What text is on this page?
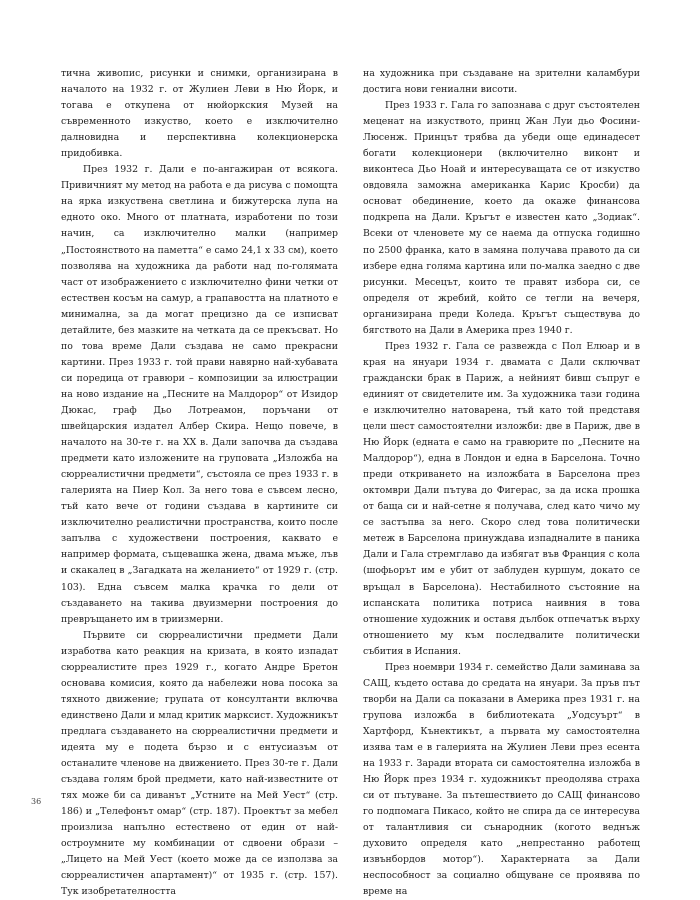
тична живопис, рисунки и снимки, организирана в началото на 1932 г. от Жулиен Леви в Ню Йорк, и тогава е откупена от нюйоркския Музей на съвременното изкуство, което е изключително далновидна и перспективна колекционерска придобивка.

През 1932 г. Дали е по-ангажиран от всякога. Привичният му метод на работа е да рисува с помощта на ярка изкуствена светлина и бижутерска лупа на едното око. Много от платната, изработени по този начин, са изключително малки (например „Постоянството на паметта“ е само 24,1 х 33 см), което позволява на художника да работи над по-голямата част от изображението с изключително фини четки от естествен косъм на самур, а грапавостта на платното е минимална, за да могат прецизно да се изписват детайлите, без мазките на четката да се прекъсват. Но по това време Дали създава не само прекрасни картини. През 1933 г. той прави навярно най-хубавата си поредица от гравюри – композиции за илюстрации на ново издание на „Песните на Малдорор“ от Изидор Дюкас, граф Дьо Лотреамон, поръчани от швейцарския издател Албер Скира. Нещо повече, в началото на 30-те г. на ХХ в. Дали започва да създава предмети като изложените на груповата „Изложба на сюрреалистични предмети“, състояла се през 1933 г. в галерията на Пиер Кол. За него това е съвсем лесно, тъй като вече от години създава в картините си изключително реалистични пространства, които после запълва с художествени построения, каквато е например формата, същевашка жена, двама мъже, лъв и скакалец в „Загадката на желанието“ от 1929 г. (стр. 103). Една съвсем малка крачка го дели от създаването на такива двуизмерни построения до превръщането им в триизмерни.

Първите си сюрреалистични предмети Дали изработва като реакция на кризата, в която изпадат сюрреалистите през 1929 г., когато Андре Бретон основава комисия, която да набележи нова посока за тяхното движение; групата от консултанти включва единствено Дали и млад критик марксист. Художникът предлага създаването на сюрреалистични предмети и идеята му е подета бързо и с ентусиазъм от останалите членове на движението. През 30-те г. Дали създава голям брой предмети, като най-известните от тях може би са диванът „Устните на Мей Уест“ (стр. 186) и „Телефонът омар“ (стр. 187). Проектът за мебел произлиза напълно естествено от един от най-остроумните му комбинации от сдвоени образи – „Лицето на Мей Уест (което може да се използва за сюрреалистичен апартамент)“ от 1935 г. (стр. 157). Тук изобретателността

на художника при създаване на зрителни каламбури достига нови гениални висоти.

През 1933 г. Гала го запознава с друг състоятелен меценат на изкуството, принц Жан Луи дьо Фосини-Люсенж. Принцът трябва да убеди още единадесет богати колекционери (включително виконт и виконтеса Дьо Ноай и интересуващата се от изкуство овдовяла заможна американка Карис Кросби) да основат обединение, което да окаже финансова подкрепа на Дали. Кръгът е известен като „Зодиак“. Всеки от членовете му се наема да отпуска годишно по 2500 франка, като в замяна получава правото да си избере една голяма картина или по-малка заедно с две рисунки. Месецът, които те правят избора си, се определя от жребий, който се тегли на вечеря, организирана преди Коледа. Кръгът съществува до бягството на Дали в Америка през 1940 г.

През 1932 г. Гала се развежда с Пол Елюар и в края на януари 1934 г. двамата с Дали сключват граждански брак в Париж, а нейният бивш съпруг е единият от свидетелите им. За художника тази година е изключително натоварена, тъй като той представя цели шест самостоятелни изложби: две в Париж, две в Ню Йорк (едната е само на гравюрите по „Песните на Малдорор“), една в Лондон и една в Барселона. Точно преди откриването на изложбата в Барселона през октомври Дали пътува до Фигерас, за да иска прошка от баща си и най-сетне я получава, след като чичо му се застъпва за него. Скоро след това политически метеж в Барселона принуждава изпадналите в паника Дали и Гала стремглаво да избягат във Франция с кола (шофьорът им е убит от заблуден куршум, докато се връщал в Барселона). Нестабилното състояние на испанската политика потриса наивния в това отношение художник и оставя дълбок отпечатък върху отношението му към последвалите политически събития в Испания.

През ноември 1934 г. семейство Дали заминава за САЩ, където остава до средата на януари. За пръв път творби на Дали са показани в Америка през 1931 г. на групова изложба в библиотеката „Уодсуърт“ в Хартфорд, Кънектикът, а първата му самостоятелна изява там е в галерията на Жулиен Леви през есента на 1933 г. Заради втората си самостоятелна изложба в Ню Йорк през 1934 г. художникът преодолява страха си от пътуване. За пътешествието до САЩ финансово го подпомага Пикасо, който не спира да се интересува от талантливия си сънародник (когото веднъж духовито определя като „непрестанно работещ извънбордов мотор“). Характерната за Дали неспособност за социално общуване се проявява по време на

36
